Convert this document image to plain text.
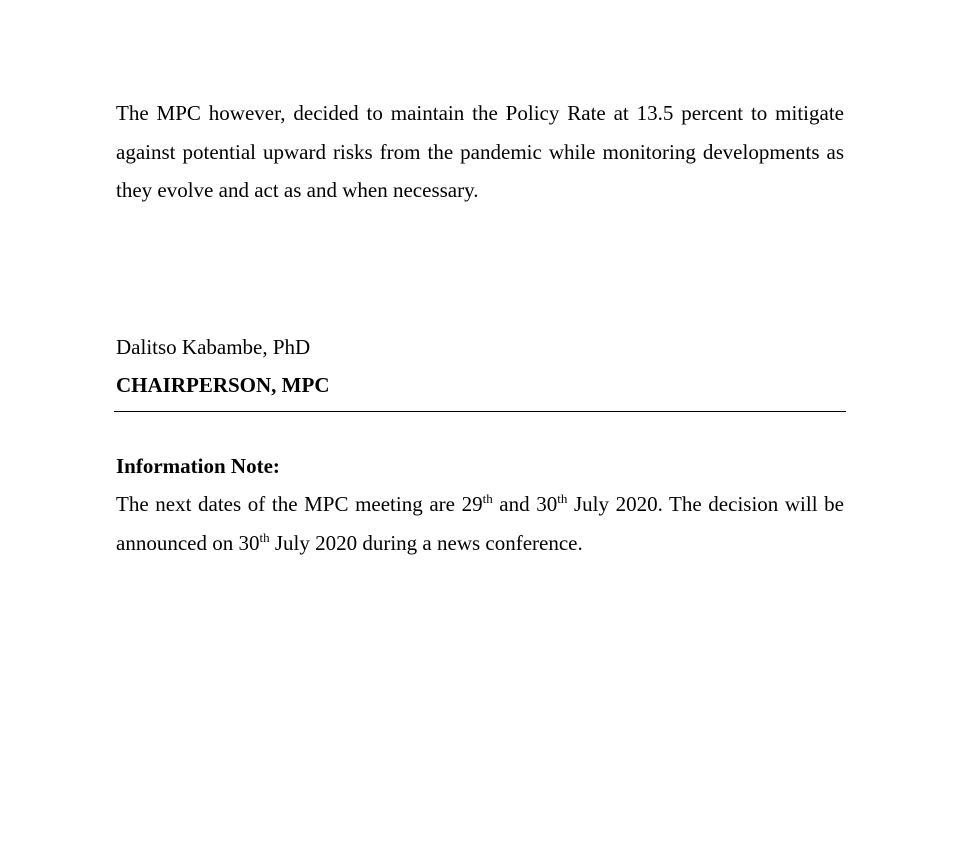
The MPC however, decided to maintain the Policy Rate at 13.5 percent to mitigate against potential upward risks from the pandemic while monitoring developments as they evolve and act as and when necessary.

Dalitso Kabambe, PhD

CHAIRPERSON, MPC

Information Note:

The next dates of the MPC meeting are 29th and 30th July 2020. The decision will be announced on 30th July 2020 during a news conference.
